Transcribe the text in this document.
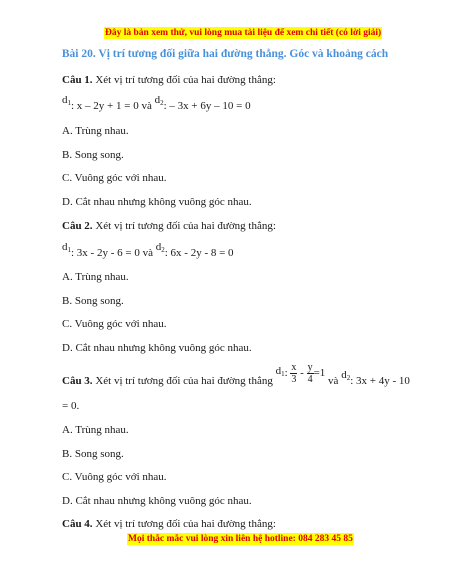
Đây là bản xem thử, vui lòng mua tài liệu để xem chi tiết (có lời giải)
Bài 20. Vị trí tương đối giữa hai đường thẳng. Góc và khoảng cách
Câu 1. Xét vị trí tương đối của hai đường thẳng:
$d_1$: x – 2y + 1 = 0 và $d_2$: – 3x + 6y – 10 = 0
A. Trùng nhau.
B. Song song.
C. Vuông góc với nhau.
D. Cắt nhau nhưng không vuông góc nhau.
Câu 2. Xét vị trí tương đối của hai đường thẳng:
$d_1$: 3x - 2y - 6 = 0 và $d_2$: 6x - 2y - 8 = 0
A. Trùng nhau.
B. Song song.
C. Vuông góc với nhau.
D. Cắt nhau nhưng không vuông góc nhau.
Câu 3. Xét vị trí tương đối của hai đường thẳng $d_1$: $\frac{x}{3} - \frac{y}{4} =1$ và $d_2$: 3x + 4y - 10
= 0.
A. Trùng nhau.
B. Song song.
C. Vuông góc với nhau.
D. Cắt nhau nhưng không vuông góc nhau.
Câu 4. Xét vị trí tương đối của hai đường thẳng:
Mọi thắc mắc vui lòng xin liên hệ hotline: 084 283 45 85
